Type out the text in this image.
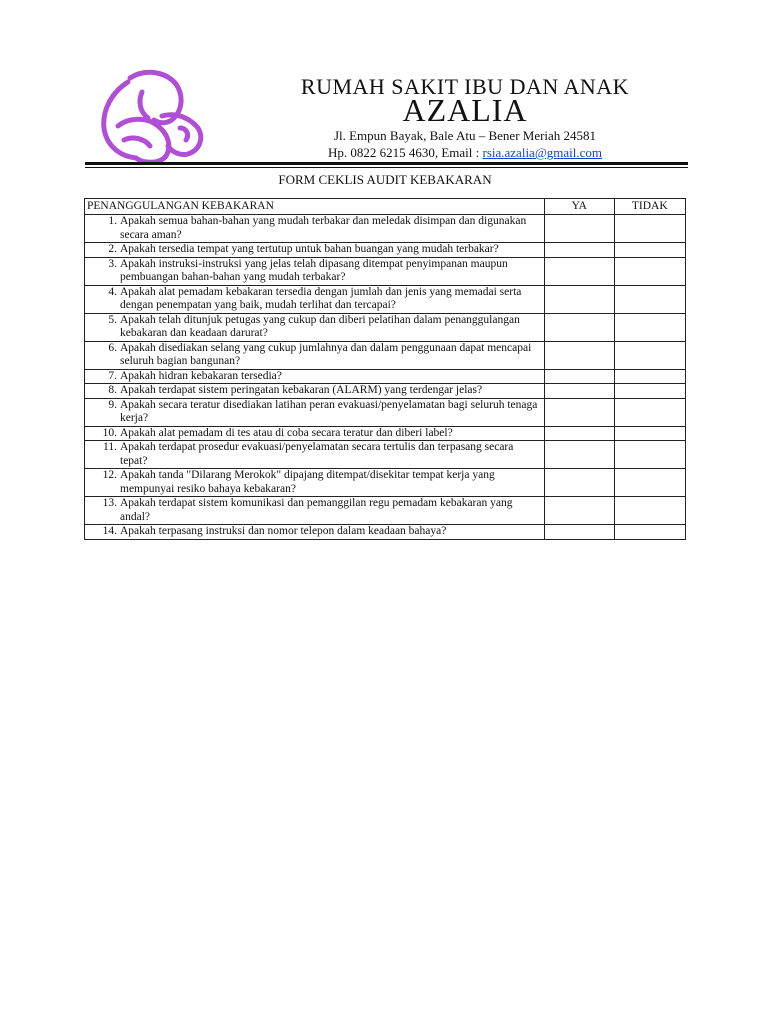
RUMAH SAKIT IBU DAN ANAK
AZALIA
Jl. Empun Bayak, Bale Atu – Bener Meriah 24581
Hp. 0822 6215 4630, Email : rsia.azalia@gmail.com
FORM CEKLIS AUDIT KEBAKARAN
PENANGGULANGAN KEBAKARAN	YA	TIDAK

1. Apakah semua bahan-bahan yang mudah terbakar dan meledak disimpan dan digunakan secara aman?		

2. Apakah tersedia tempat yang tertutup untuk bahan buangan yang mudah terbakar?		

3. Apakah instruksi-instruksi yang jelas telah dipasang ditempat penyimpanan maupun pembuangan bahan-bahan yang mudah terbakar?		

4. Apakah alat pemadam kebakaran tersedia dengan jumlah dan jenis yang memadai serta dengan penempatan yang baik, mudah terlihat dan tercapai?		

5. Apakah telah ditunjuk petugas yang cukup dan diberi pelatihan dalam penanggulangan kebakaran dan keadaan darurat?		

6. Apakah disediakan selang yang cukup jumlahnya dan dalam penggunaan dapat mencapai seluruh bagian bangunan?		

7. Apakah hidran kebakaran tersedia?		

8. Apakah terdapat sistem peringatan kebakaran (ALARM) yang terdengar jelas?		

9. Apakah secara teratur disediakan latihan peran evakuasi/penyelamatan bagi seluruh tenaga kerja?		

10. Apakah alat pemadam di tes atau di coba secara teratur dan diberi label?		

11. Apakah terdapat prosedur evakuasi/penyelamatan secara tertulis dan terpasang secara tepat?		

12. Apakah tanda "Dilarang Merokok" dipajang ditempat/disekitar tempat kerja yang mempunyai resiko bahaya kebakaran?		

13. Apakah terdapat sistem komunikasi dan pemanggilan regu pemadam kebakaran yang andal?		

14. Apakah terpasang instruksi dan nomor telepon dalam keadaan bahaya?		
